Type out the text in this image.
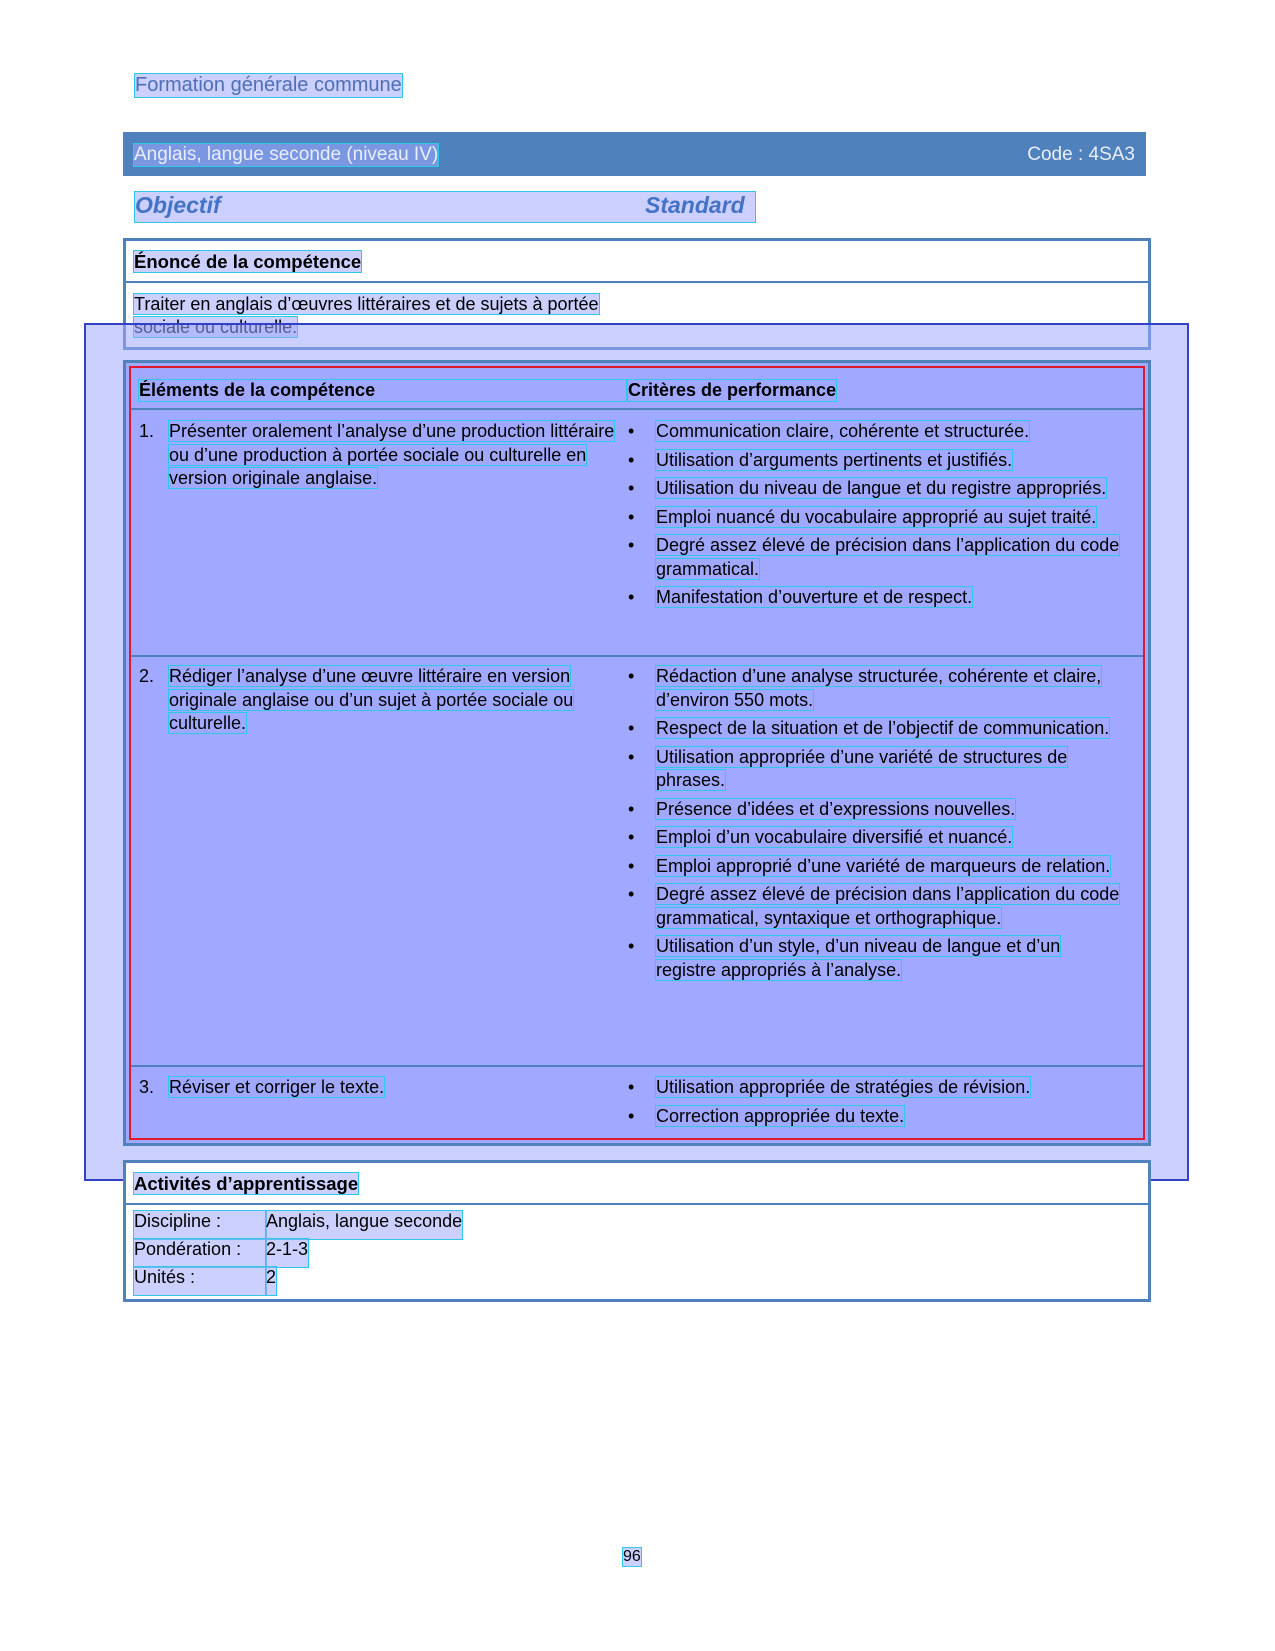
Formation générale commune
Anglais, langue seconde (niveau IV)	Code : 4SA3
Objectif	Standard
Énoncé de la compétence
Traiter en anglais d’œuvres littéraires et de sujets à portée
Éléments de la compétence	Critères de performance
1. Présenter oralement l’analyse d’une production littéraire ou d’une production à portée sociale ou culturelle en version originale anglaise.
• Communication claire, cohérente et structurée.
• Utilisation d’arguments pertinents et justifiés.
• Utilisation du niveau de langue et du registre appropriés.
• Emploi nuancé du vocabulaire approprié au sujet traité.
• Degré assez élevé de précision dans l’application du code grammatical.
• Manifestation d’ouverture et de respect.
2. Rédiger l’analyse d’une œuvre littéraire en version originale anglaise ou d’un sujet à portée sociale ou culturelle.
• Rédaction d’une analyse structurée, cohérente et claire, d’environ 550 mots.
• Respect de la situation et de l’objectif de communication.
• Utilisation appropriée d’une variété de structures de phrases.
• Présence d’idées et d’expressions nouvelles.
• Emploi d’un vocabulaire diversifié et nuancé.
• Emploi approprié d’une variété de marqueurs de relation.
• Degré assez élevé de précision dans l’application du code grammatical, syntaxique et orthographique.
• Utilisation d’un style, d’un niveau de langue et d’un registre appropriés à l’analyse.
3. Réviser et corriger le texte.	• Utilisation appropriée de stratégies de révision.
• Correction appropriée du texte.
Activités d’apprentissage
Discipline :	Anglais, langue seconde
Pondération :	2-1-3
Unités :	2
96
